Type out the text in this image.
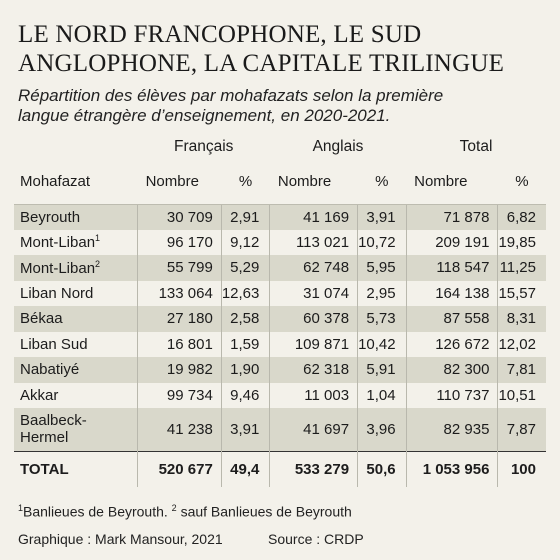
LE NORD FRANCOPHONE, LE SUD
ANGLOPHONE, LA CAPITALE TRILINGUE
Répartition des élèves par mohafazats selon la première
langue étrangère d’enseignement, en 2020-2021.
	Français		Anglais		Total	
Mohafazat	Nombre	%	Nombre	%	Nombre	%
Beyrouth	30 709	2,91	41 169	3,91	71 878	6,82
Mont-Liban$^1$	96 170	9,12	113 021	10,72	209 191	19,85
Mont-Liban$^2$	55 799	5,29	62 748	5,95	118 547	11,25
Liban Nord	133 064	12,63	31 074	2,95	164 138	15,57
Békaa	27 180	2,58	60 378	5,73	87 558	8,31
Liban Sud	16 801	1,59	109 871	10,42	126 672	12,02
Nabatiyé	19 982	1,90	62 318	5,91	82 300	7,81
Akkar	99 734	9,46	11 003	1,04	110 737	10,51
Baalbeck-
Hermel	41 238	3,91	41 697	3,96	82 935	7,87
TOTAL	520 677	49,4	533 279	50,6	1 053 956	100
$^1$Banlieues de Beyrouth. $^2$ sauf Banlieues de Beyrouth
Graphique : Mark Mansour, 2021	Source : CRDP
